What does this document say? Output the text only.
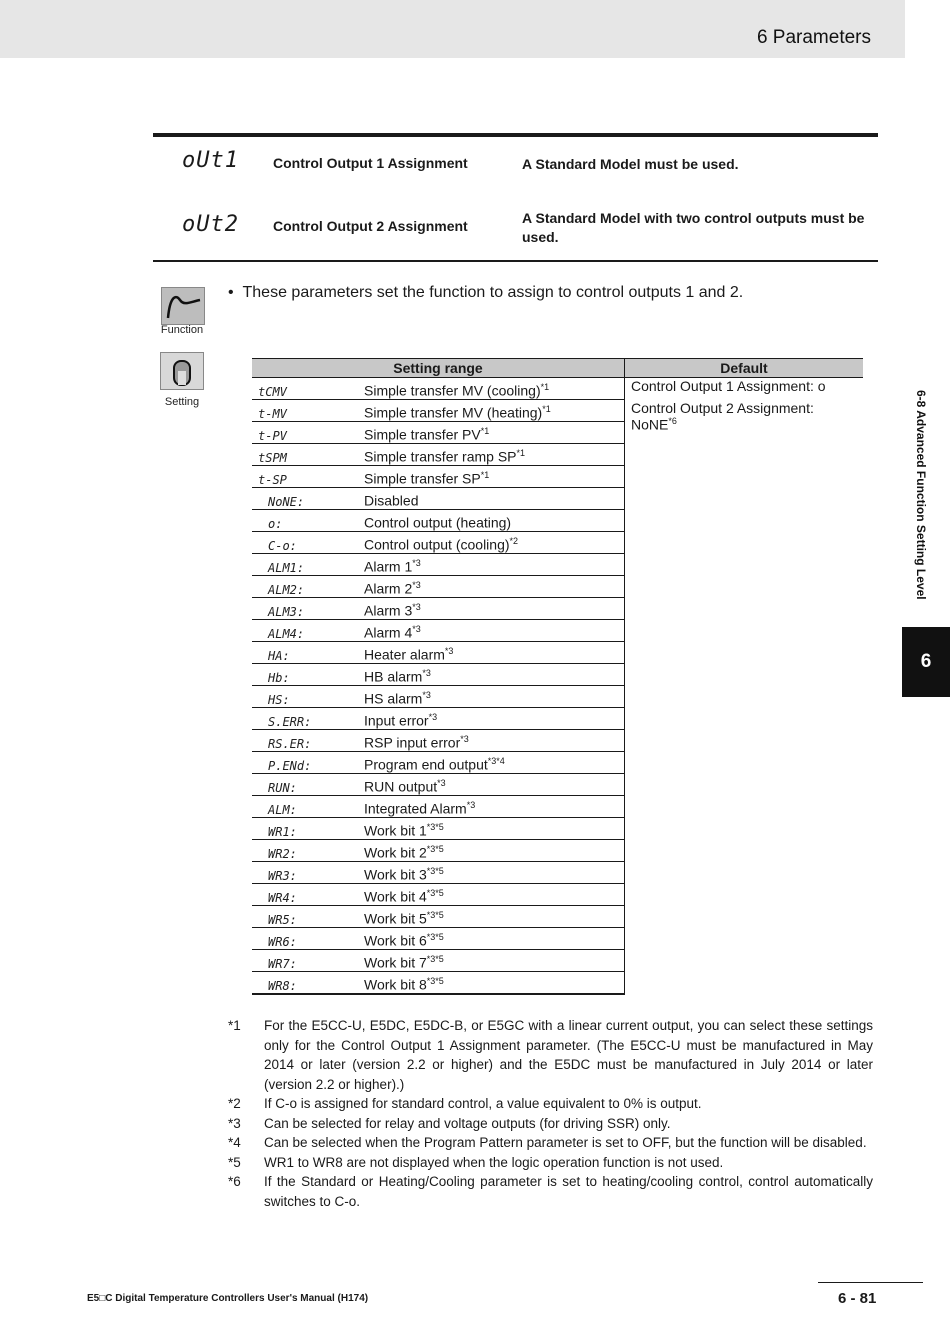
6 Parameters
oUt1 Control Output 1 Assignment	A Standard Model must be used.
oUt2 Control Output 2 Assignment	A Standard Model with two control outputs must be used.
Function
Setting
•  These parameters set the function to assign to control outputs 1 and 2.
Setting range		Default
tCMV	Simple transfer MV (cooling)$^{*1}$	Control Output 1 Assignment: o
Control Output 2 Assignment: NoNE$^{*6}$

t-MV	Simple transfer MV (heating)$^{*1}$
t-PV	Simple transfer PV$^{*1}$
tSPM	Simple transfer ramp SP$^{*1}$
t-SP	Simple transfer SP$^{*1}$
NoNE:	Disabled	
o:	Control output (heating)	
C-o:	Control output (cooling)$^{*2}$
ALM1:	Alarm 1$^{*3}$
ALM2:	Alarm 2$^{*3}$
ALM3:	Alarm 3$^{*3}$
ALM4:	Alarm 4$^{*3}$
HA:	Heater alarm$^{*3}$
Hb:	HB alarm$^{*3}$
HS:	HS alarm$^{*3}$
S.ERR:	Input error$^{*3}$
RS.ER:	RSP input error$^{*3}$
P.ENd:	Program end output$^{*3*4}$
RUN:	RUN output$^{*3}$
ALM:	Integrated Alarm$^{*3}$
WR1:	Work bit $1^{*3*5}$
WR2:	Work bit $2^{*3*5}$
WR3:	Work bit $3^{*3*5}$
WR4:	Work bit $4^{*3*5}$
WR5:	Work bit $5^{*3*5}$
WR6:	Work bit $6^{*3*5}$
WR7:	Work bit $7^{*3*5}$
WR8:	Work bit $8^{*3*5}$
*1	For the E5CC-U, E5DC, E5DC-B, or E5GC with a linear current output, you can select these settings only for the Control Output 1 Assignment parameter. (The E5CC-U must be manufactured in May 2014 or later (version 2.2 or higher) and the E5DC must be manufactured in July 2014 or later (version 2.2 or higher).)
*2	If C-o is assigned for standard control, a value equivalent to 0% is output.
*3	Can be selected for relay and voltage outputs (for driving SSR) only.
*4	Can be selected when the Program Pattern parameter is set to OFF, but the function will be disabled.
*5	WR1 to WR8 are not displayed when the logic operation function is not used.
*6	If the Standard or Heating/Cooling parameter is set to heating/cooling control, control automatically switches to C-o.
6-8 Advanced Function Setting Level
6
E5□C Digital Temperature Controllers User's Manual (H174)	6 - 81
